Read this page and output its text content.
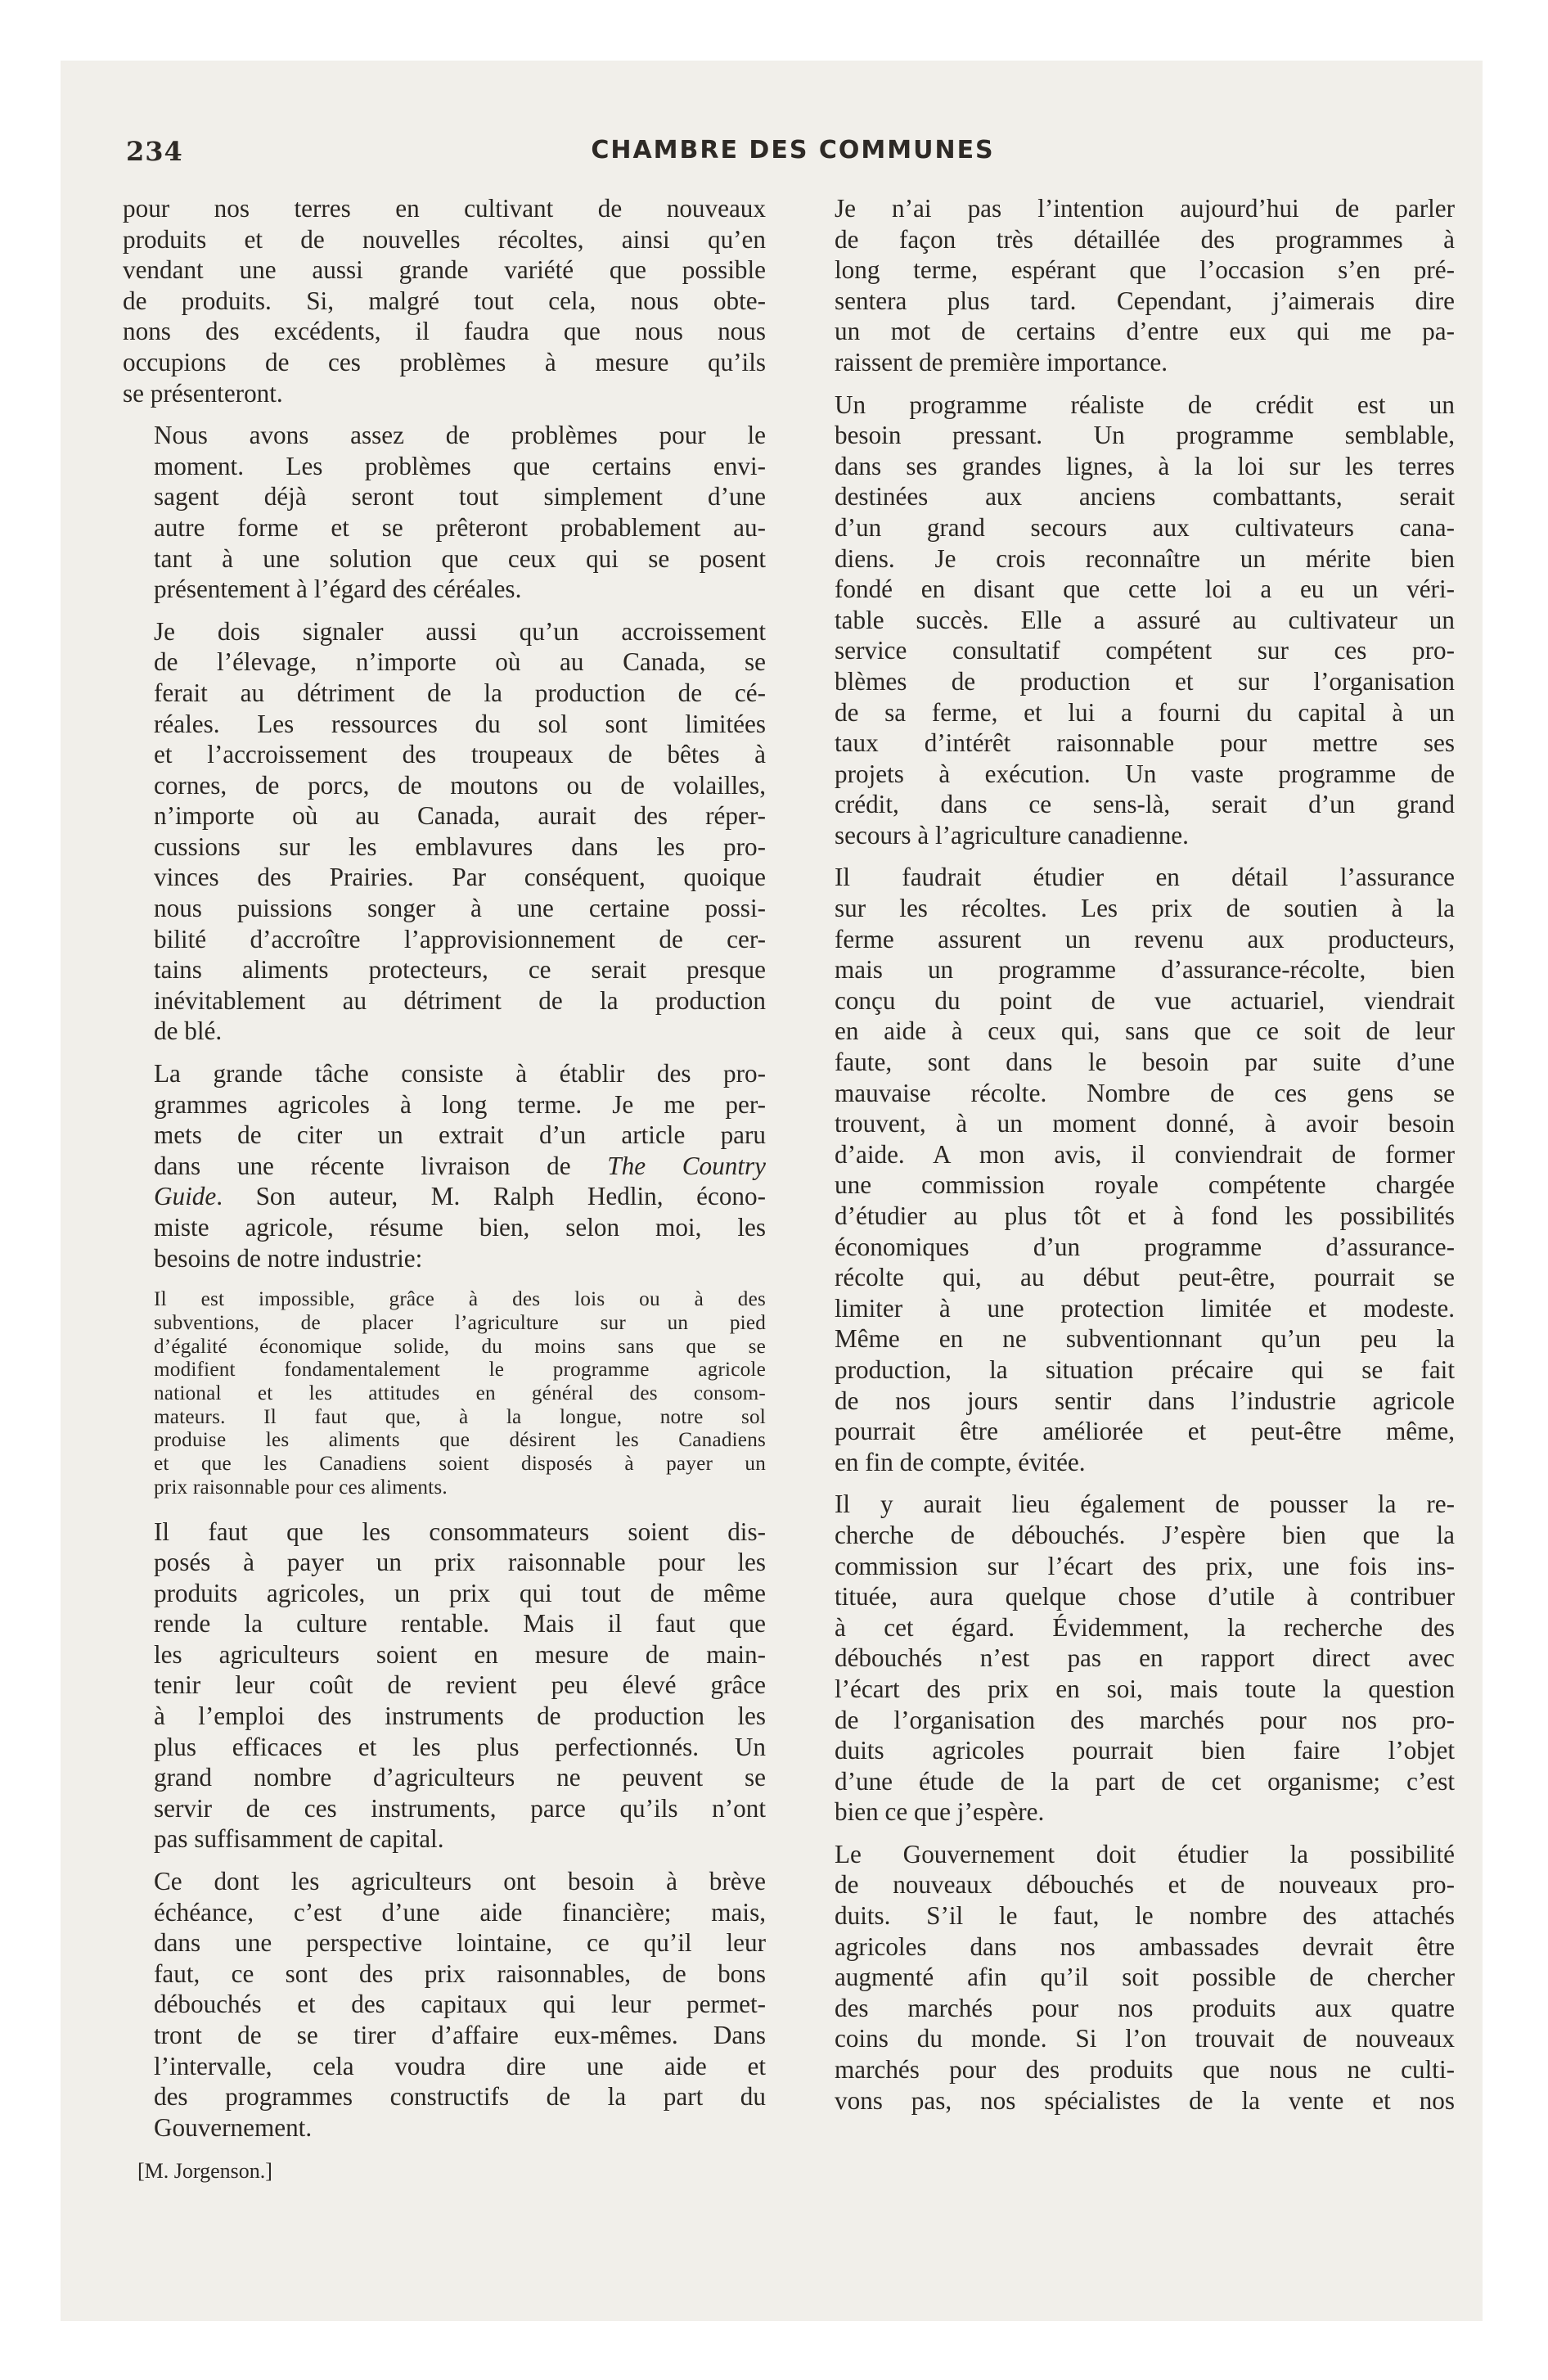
234	CHAMBRE DES COMMUNES

pour nos terres en cultivant de nouveaux
produits et de nouvelles récoltes, ainsi qu’en
vendant une aussi grande variété que possible
de produits. Si, malgré tout cela, nous obte-
nons des excédents, il faudra que nous nous
occupions de ces problèmes à mesure qu’ils
se présenteront.

Nous avons assez de problèmes pour le
moment. Les problèmes que certains envi-
sagent déjà seront tout simplement d’une
autre forme et se prêteront probablement au-
tant à une solution que ceux qui se posent
présentement à l’égard des céréales.

Je dois signaler aussi qu’un accroissement
de l’élevage, n’importe où au Canada, se
ferait au détriment de la production de cé-
réales. Les ressources du sol sont limitées
et l’accroissement des troupeaux de bêtes à
cornes, de porcs, de moutons ou de volailles,
n’importe où au Canada, aurait des réper-
cussions sur les emblavures dans les pro-
vinces des Prairies. Par conséquent, quoique
nous puissions songer à une certaine possi-
bilité d’accroître l’approvisionnement de cer-
tains aliments protecteurs, ce serait presque
inévitablement au détriment de la production
de blé.

La grande tâche consiste à établir des pro-
grammes agricoles à long terme. Je me per-
mets de citer un extrait d’un article paru
dans une récente livraison de The Country
Guide. Son auteur, M. Ralph Hedlin, écono-
miste agricole, résume bien, selon moi, les
besoins de notre industrie:

Il est impossible, grâce à des lois ou à des
subventions, de placer l’agriculture sur un pied
d’égalité économique solide, du moins sans que se
modifient fondamentalement le programme agricole
national et les attitudes en général des consom-
mateurs. Il faut que, à la longue, notre sol
produise les aliments que désirent les Canadiens
et que les Canadiens soient disposés à payer un
prix raisonnable pour ces aliments.

Il faut que les consommateurs soient dis-
posés à payer un prix raisonnable pour les
produits agricoles, un prix qui tout de même
rende la culture rentable. Mais il faut que
les agriculteurs soient en mesure de main-
tenir leur coût de revient peu élevé grâce
à l’emploi des instruments de production les
plus efficaces et les plus perfectionnés. Un
grand nombre d’agriculteurs ne peuvent se
servir de ces instruments, parce qu’ils n’ont
pas suffisamment de capital.

Ce dont les agriculteurs ont besoin à brève
échéance, c’est d’une aide financière; mais,
dans une perspective lointaine, ce qu’il leur
faut, ce sont des prix raisonnables, de bons
débouchés et des capitaux qui leur permet-
tront de se tirer d’affaire eux-mêmes. Dans
l’intervalle, cela voudra dire une aide et
des programmes constructifs de la part du
Gouvernement.

[M. Jorgenson.]

Je n’ai pas l’intention aujourd’hui de parler
de façon très détaillée des programmes à
long terme, espérant que l’occasion s’en pré-
sentera plus tard. Cependant, j’aimerais dire
un mot de certains d’entre eux qui me pa-
raissent de première importance.

Un programme réaliste de crédit est un
besoin pressant. Un programme semblable,
dans ses grandes lignes, à la loi sur les terres
destinées aux anciens combattants, serait
d’un grand secours aux cultivateurs cana-
diens. Je crois reconnaître un mérite bien
fondé en disant que cette loi a eu un véri-
table succès. Elle a assuré au cultivateur un
service consultatif compétent sur ces pro-
blèmes de production et sur l’organisation
de sa ferme, et lui a fourni du capital à un
taux d’intérêt raisonnable pour mettre ses
projets à exécution. Un vaste programme de
crédit, dans ce sens-là, serait d’un grand
secours à l’agriculture canadienne.

Il faudrait étudier en détail l’assurance
sur les récoltes. Les prix de soutien à la
ferme assurent un revenu aux producteurs,
mais un programme d’assurance-récolte, bien
conçu du point de vue actuariel, viendrait
en aide à ceux qui, sans que ce soit de leur
faute, sont dans le besoin par suite d’une
mauvaise récolte. Nombre de ces gens se
trouvent, à un moment donné, à avoir besoin
d’aide. A mon avis, il conviendrait de former
une commission royale compétente chargée
d’étudier au plus tôt et à fond les possibilités
économiques d’un programme d’assurance-
récolte qui, au début peut-être, pourrait se
limiter à une protection limitée et modeste.
Même en ne subventionnant qu’un peu la
production, la situation précaire qui se fait
de nos jours sentir dans l’industrie agricole
pourrait être améliorée et peut-être même,
en fin de compte, évitée.

Il y aurait lieu également de pousser la re-
cherche de débouchés. J’espère bien que la
commission sur l’écart des prix, une fois ins-
tituée, aura quelque chose d’utile à contribuer
à cet égard. Évidemment, la recherche des
débouchés n’est pas en rapport direct avec
l’écart des prix en soi, mais toute la question
de l’organisation des marchés pour nos pro-
duits agricoles pourrait bien faire l’objet
d’une étude de la part de cet organisme; c’est
bien ce que j’espère.

Le Gouvernement doit étudier la possibilité
de nouveaux débouchés et de nouveaux pro-
duits. S’il le faut, le nombre des attachés
agricoles dans nos ambassades devrait être
augmenté afin qu’il soit possible de chercher
des marchés pour nos produits aux quatre
coins du monde. Si l’on trouvait de nouveaux
marchés pour des produits que nous ne culti-
vons pas, nos spécialistes de la vente et nos
